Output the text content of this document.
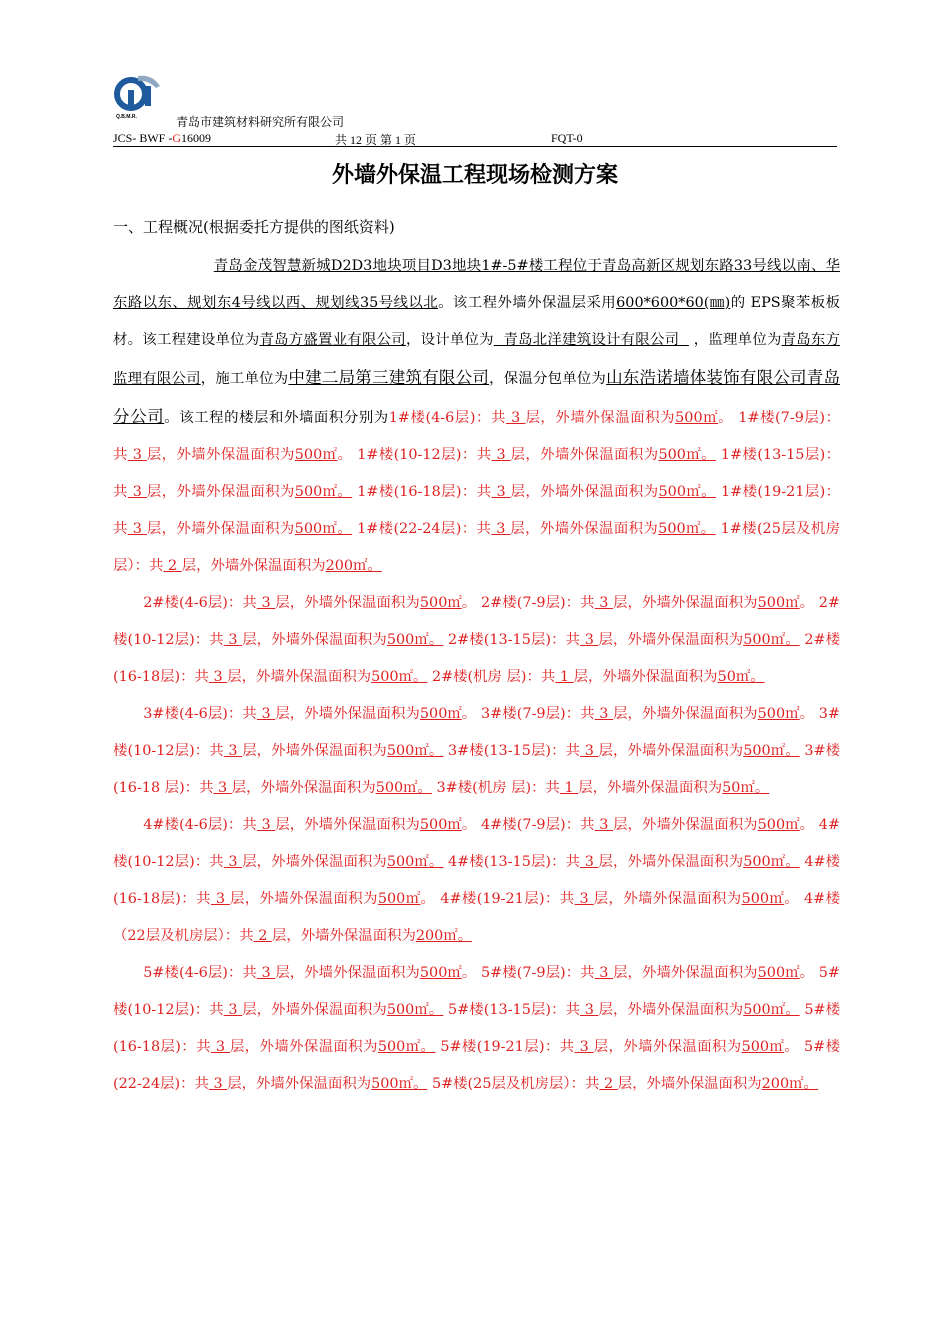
Q.B.M.R.	青岛市建筑材料研究所有限公司
JCS- BWF -G16009	共 12 页 第 1 页	FQT-0
外墙外保温工程现场检测方案
一、工程概况(根据委托方提供的图纸资料)

青岛金茂智慧新城D2D3地块项目D3地块1#-5#楼工程位于青岛高新区规划东路33号线以南、华东路以东、规划东4号线以西、规划线35号线以北。该工程外墙外保温层采用600*600*60(㎜)的 EPS聚苯板板材。该工程建设单位为青岛方盛置业有限公司，设计单位为  青岛北洋建筑设计有限公司   ，监理单位为青岛东方监理有限公司，施工单位为中建二局第三建筑有限公司，保温分包单位为山东浩诺墙体装饰有限公司青岛分公司。该工程的楼层和外墙面积分别为1#楼(4-6层)：共 3 层，外墙外保温面积为500㎡。 1#楼(7-9层)：共 3 层，外墙外保温面积为500㎡。 1#楼(10-12层)：共 3 层，外墙外保温面积为500㎡。 1#楼(13-15层)：共 3 层，外墙外保温面积为500㎡。 1#楼(16-18层)：共 3 层，外墙外保温面积为500㎡。 1#楼(19-21层)：共 3 层，外墙外保温面积为500㎡。 1#楼(22-24层)：共 3 层，外墙外保温面积为500㎡。 1#楼(25层及机房层）：共 2 层，外墙外保温面积为200㎡。

2#楼(4-6层)：共 3 层，外墙外保温面积为500㎡。 2#楼(7-9层)：共 3 层，外墙外保温面积为500㎡。 2#楼(10-12层)：共 3 层，外墙外保温面积为500㎡。 2#楼(13-15层)：共 3 层，外墙外保温面积为500㎡。 2#楼(16-18层)：共 3 层，外墙外保温面积为500㎡。 2#楼(机房 层)：共 1 层，外墙外保温面积为50㎡。

3#楼(4-6层)：共 3 层，外墙外保温面积为500㎡。 3#楼(7-9层)：共 3 层，外墙外保温面积为500㎡。 3#楼(10-12层)：共 3 层，外墙外保温面积为500㎡。 3#楼(13-15层)：共 3 层，外墙外保温面积为500㎡。 3#楼(16-18 层)：共 3 层，外墙外保温面积为500㎡。 3#楼(机房 层)：共 1 层，外墙外保温面积为50㎡。

4#楼(4-6层)：共 3 层，外墙外保温面积为500㎡。 4#楼(7-9层)：共 3 层，外墙外保温面积为500㎡。 4#楼(10-12层)：共 3 层，外墙外保温面积为500㎡。 4#楼(13-15层)：共 3 层，外墙外保温面积为500㎡。 4#楼(16-18层)：共 3 层，外墙外保温面积为500㎡。 4#楼(19-21层)：共 3 层，外墙外保温面积为500㎡。 4#楼（22层及机房层）：共 2 层，外墙外保温面积为200㎡。

5#楼(4-6层)：共 3 层，外墙外保温面积为500㎡。 5#楼(7-9层)：共 3 层，外墙外保温面积为500㎡。 5#楼(10-12层)：共 3 层，外墙外保温面积为500㎡。 5#楼(13-15层)：共 3 层，外墙外保温面积为500㎡。 5#楼(16-18层)：共 3 层，外墙外保温面积为500㎡。 5#楼(19-21层)：共 3 层，外墙外保温面积为500㎡。 5#楼(22-24层)：共 3 层，外墙外保温面积为500㎡。 5#楼(25层及机房层）：共 2 层，外墙外保温面积为200㎡。
